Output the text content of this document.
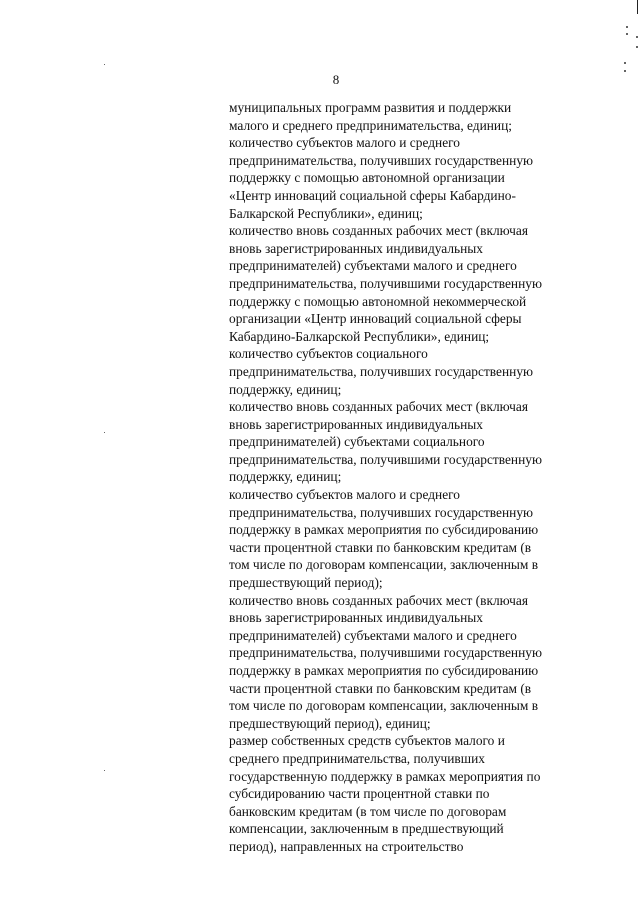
8
муниципальных программ развития и поддержки
малого и среднего предпринимательства, единиц;
количество субъектов малого и среднего
предпринимательства, получивших государственную
поддержку с помощью автономной организации
«Центр инноваций социальной сферы Кабардино-
Балкарской Республики», единиц;
количество вновь созданных рабочих мест (включая
вновь зарегистрированных индивидуальных
предпринимателей) субъектами малого и среднего
предпринимательства, получившими государственную
поддержку с помощью автономной некоммерческой
организации «Центр инноваций социальной сферы
Кабардино-Балкарской Республики», единиц;
количество субъектов социального
предпринимательства, получивших государственную
поддержку, единиц;
количество вновь созданных рабочих мест (включая
вновь зарегистрированных индивидуальных
предпринимателей) субъектами социального
предпринимательства, получившими государственную
поддержку, единиц;
количество субъектов малого и среднего
предпринимательства, получивших государственную
поддержку в рамках мероприятия по субсидированию
части процентной ставки по банковским кредитам (в
том числе по договорам компенсации, заключенным в
предшествующий период);
количество вновь созданных рабочих мест (включая
вновь зарегистрированных индивидуальных
предпринимателей) субъектами малого и среднего
предпринимательства, получившими государственную
поддержку в рамках мероприятия по субсидированию
части процентной ставки по банковским кредитам (в
том числе по договорам компенсации, заключенным в
предшествующий период), единиц;
размер собственных средств субъектов малого и
среднего предпринимательства, получивших
государственную поддержку в рамках мероприятия по
субсидированию части процентной ставки по
банковским кредитам (в том числе по договорам
компенсации, заключенным в предшествующий
период), направленных на строительство
